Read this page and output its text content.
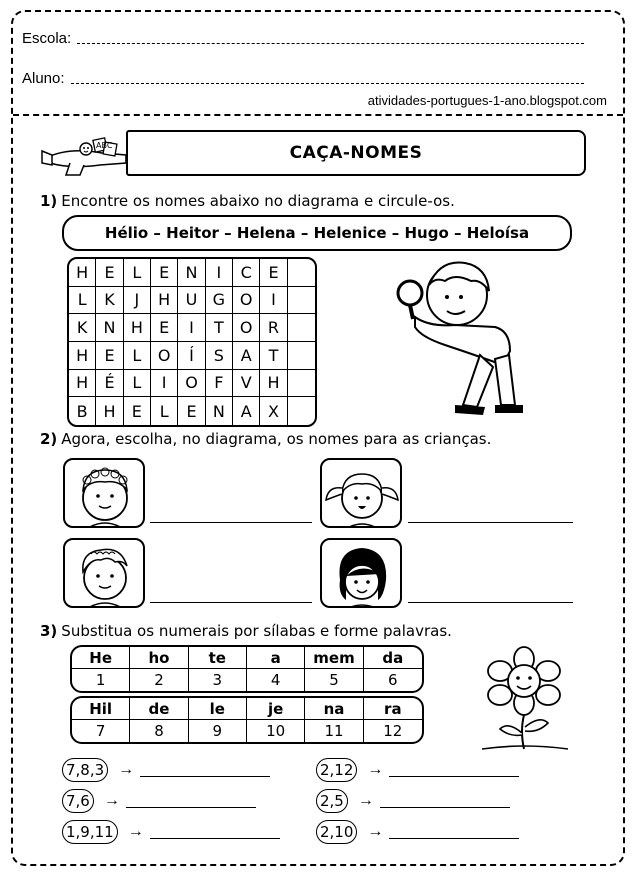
Escola:
Aluno:
atividades-portugues-1-ano.blogspot.com
ABC	CAÇA-NOMES
1) Encontre os nomes abaixo no diagrama e circule-os.
Hélio – Heitor – Helena – Helenice – Hugo – Heloísa
H	E	L	E	N	I	C	E
L	K	J	H U G O	I
K	N H	E	I	T	O R
H	E	L	O	Í	S	A	T
H	É	L	I	O	F	V H
B H	E	L	E	N A	X
2) Agora, escolha, no diagrama, os nomes para as crianças.
3) Substitua os numerais por sílabas e forme palavras.
He	ho	te	a	mem	da
1	2	3	4	5	6
Hil	de	le	je	na	ra
7	8	9	10	11	12
7,8,3 →	2,12 →
7,6 →	2,5 →
1,9,11 →	2,10 →
